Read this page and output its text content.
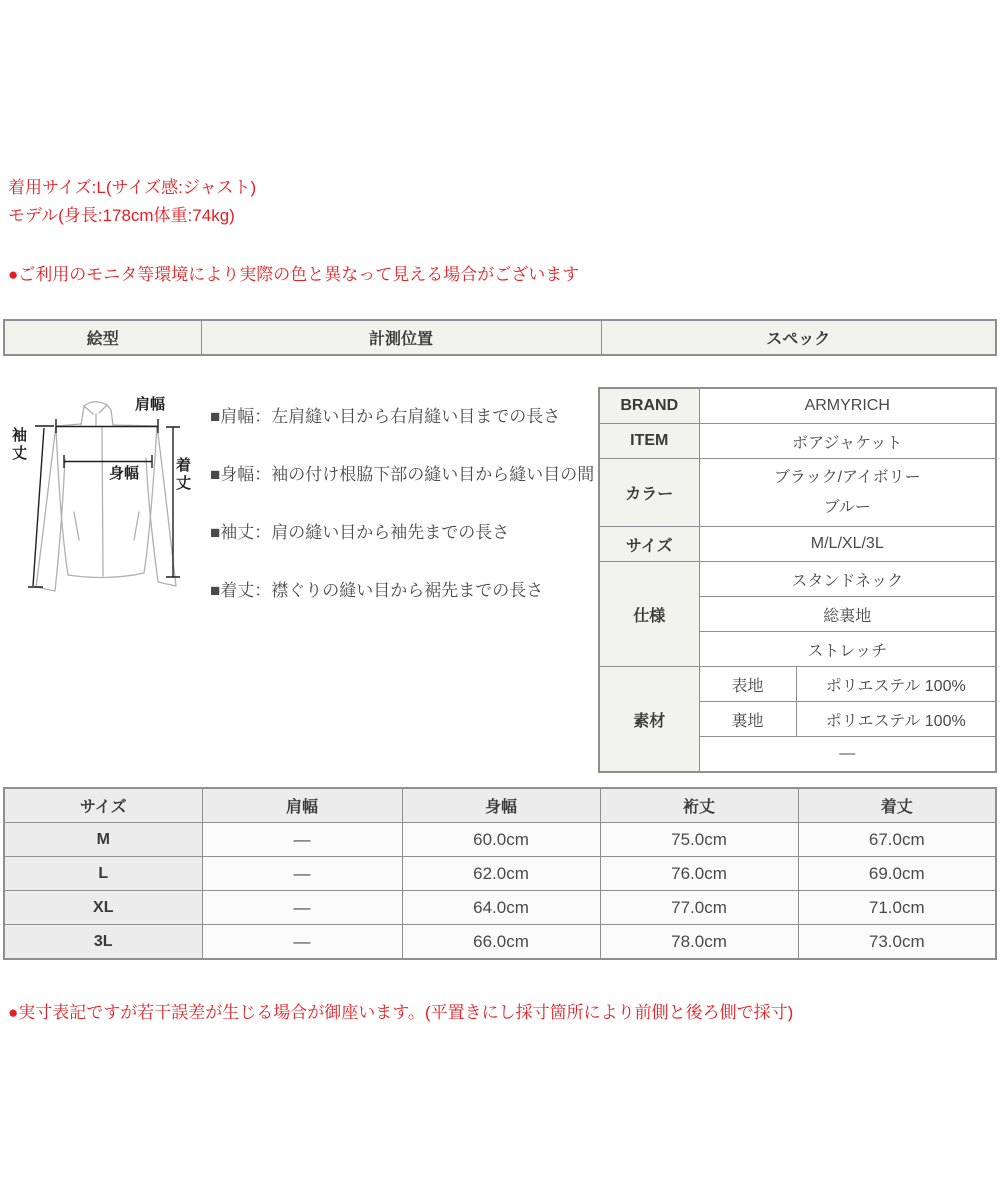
着用サイズ:L(サイズ感:ジャスト)
モデル(身長:178cm体重:74kg)
●ご利用のモニタ等環境により実際の色と異なって見える場合がございます
絵型	計測位置	スペック
肩幅
袖丈
身幅 着丈
■肩幅：左肩縫い目から右肩縫い目までの長さ
■身幅：袖の付け根脇下部の縫い目から縫い目の間
■袖丈：肩の縫い目から袖先までの長さ
■着丈：襟ぐりの縫い目から裾先までの長さ
BRAND	ARMYRICH	
ITEM	ボアジャケット	
カラー	ブラック/アイボリー
ブルー	

サイズ	M/L/XL/3L	
仕様	スタンドネック	
	総裏地	
	ストレッチ	
素材	表地	ポリエステル 100%
	裏地	ポリエステル 100%
	—	
サイズ	肩幅	身幅	裄丈	着丈
M	—	60.0cm	75.0cm	67.0cm
L	—	62.0cm	76.0cm	69.0cm
XL	—	64.0cm	77.0cm	71.0cm
3L	—	66.0cm	78.0cm	73.0cm
●実寸表記ですが若干誤差が生じる場合が御座います。(平置きにし採寸箇所により前側と後ろ側で採寸)
